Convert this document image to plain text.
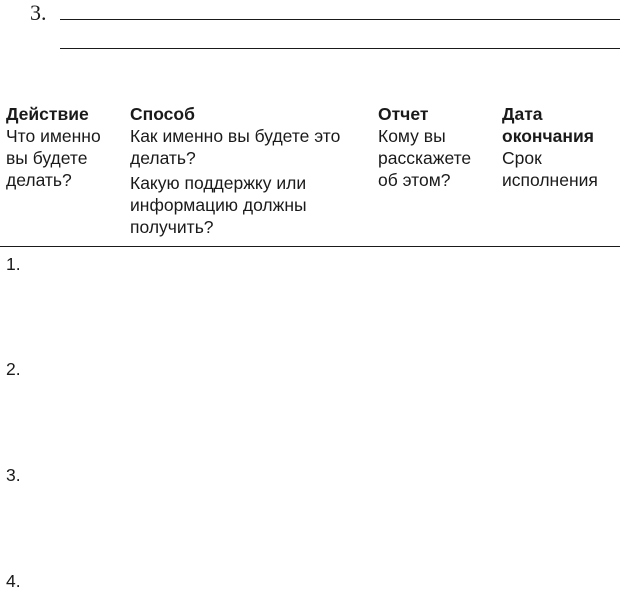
3.
Действие
Что именно
вы будете
делать?
Способ
Как именно вы будете это
делать?
Какую поддержку или
информацию должны
получить?
Отчет
Кому вы
расскажете
об этом?
Дата
окончания
Срок
исполнения
1.
2.
3.
4.
